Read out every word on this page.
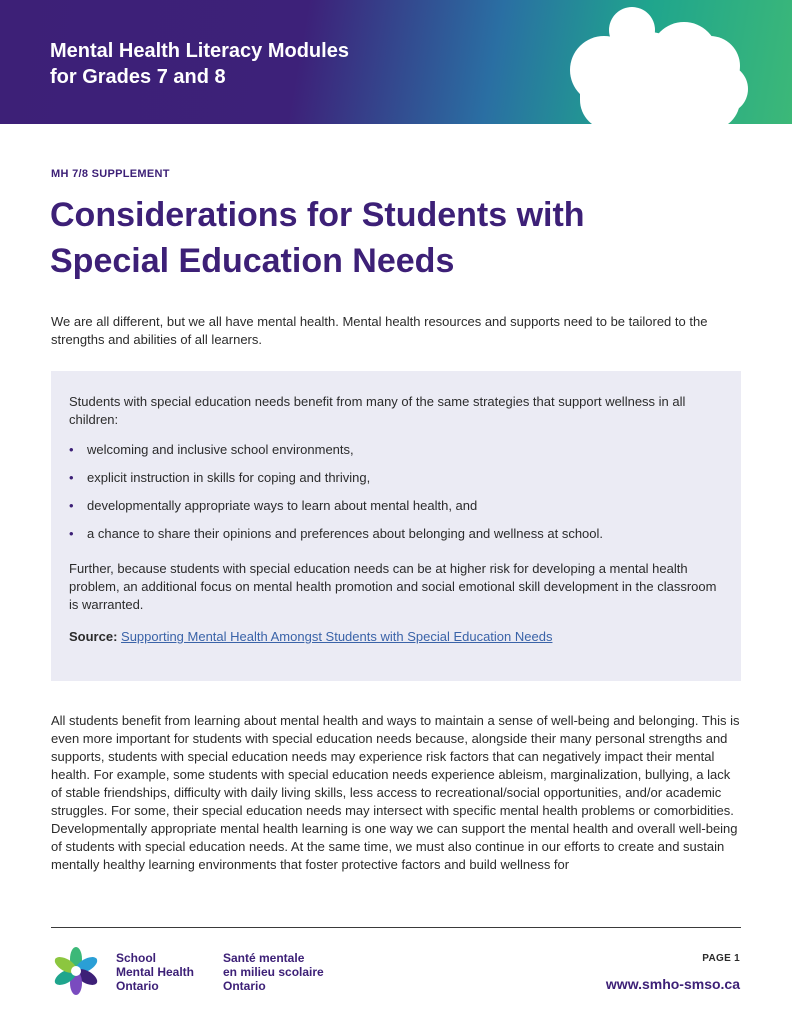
Mental Health Literacy Modules
for Grades 7 and 8
MH 7/8 SUPPLEMENT
Considerations for Students with
Special Education Needs

We are all different, but we all have mental health. Mental health resources and supports need to be tailored to the strengths and abilities of all learners.

Students with special education needs benefit from many of the same strategies that support wellness in all children:

• welcoming and inclusive school environments,
• explicit instruction in skills for coping and thriving,
• developmentally appropriate ways to learn about mental health, and
• a chance to share their opinions and preferences about belonging and wellness at school.

Further, because students with special education needs can be at higher risk for developing a mental health problem, an additional focus on mental health promotion and social emotional skill development in the classroom is warranted.

Source: Supporting Mental Health Amongst Students with Special Education Needs

All students benefit from learning about mental health and ways to maintain a sense of well-being and belonging. This is even more important for students with special education needs because, alongside their many personal strengths and supports, students with special education needs may experience risk factors that can negatively impact their mental health. For example, some students with special education needs experience ableism, marginalization, bullying, a lack of stable friendships, difficulty with daily living skills, less access to recreational/social opportunities, and/or academic struggles. For some, their special education needs may intersect with specific mental health problems or comorbidities. Developmentally appropriate mental health learning is one way we can support the mental health and overall well-being of students with special education needs. At the same time, we must also continue in our efforts to create and sustain mentally healthy learning environments that foster protective factors and build wellness for

School
Mental Health
Ontario
Santé mentale
en milieu scolaire
Ontario
PAGE 1
www.smho-smso.ca
